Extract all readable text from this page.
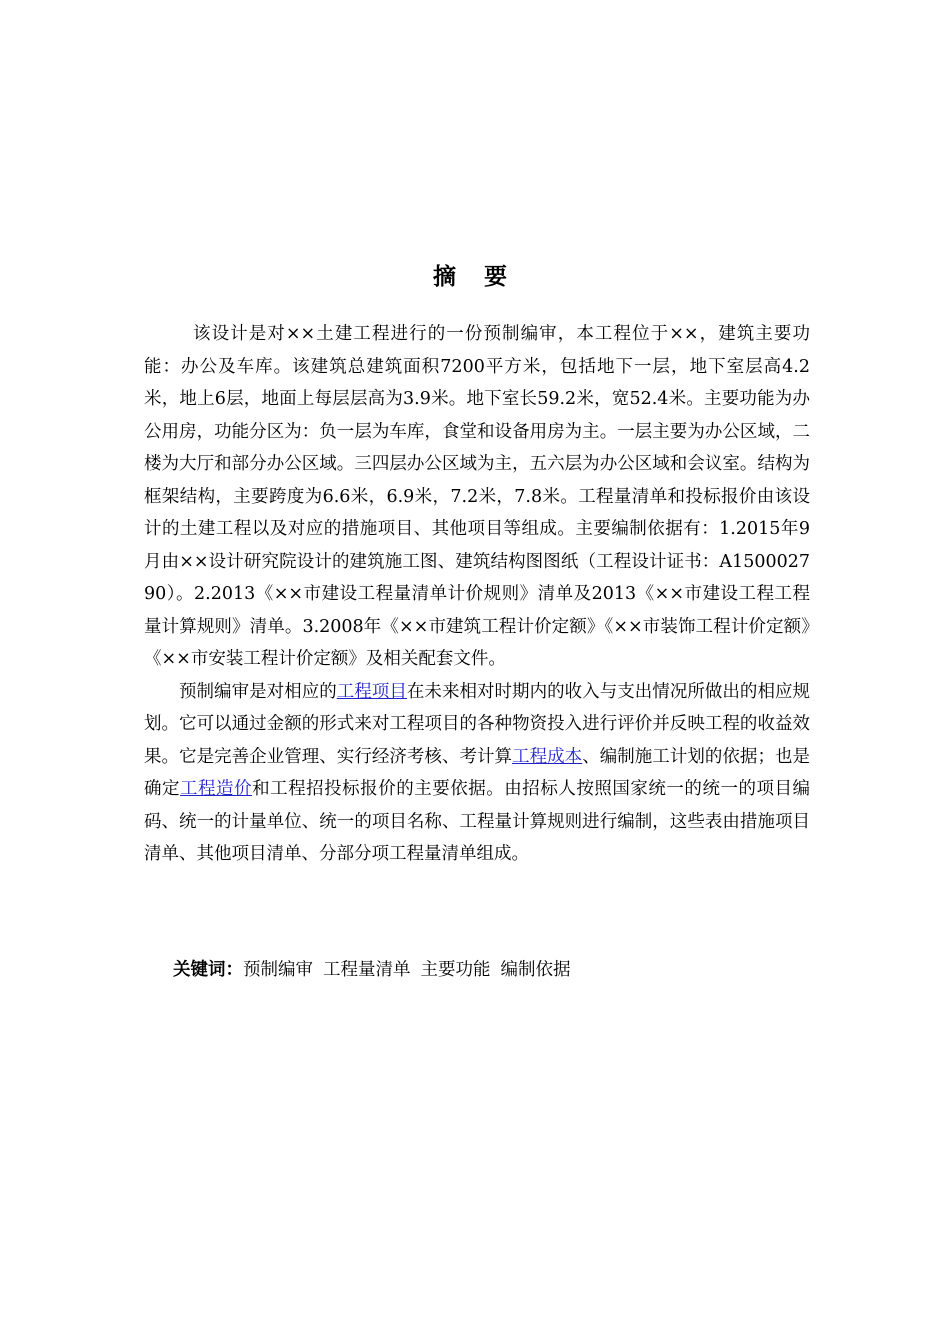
摘 要

该设计是对××土建工程进行的一份预制编审，本工程位于××，建筑主要功能：办公及车库。该建筑总建筑面积7200平方米，包括地下一层，地下室层高4.2米，地上6层，地面上每层层高为3.9米。地下室长59.2米，宽52.4米。主要功能为办公用房，功能分区为：负一层为车库，食堂和设备用房为主。一层主要为办公区域，二楼为大厅和部分办公区域。三四层办公区域为主，五六层为办公区域和会议室。结构为框架结构，主要跨度为6.6米，6.9米，7.2米，7.8米。工程量清单和投标报价由该设计的土建工程以及对应的措施项目、其他项目等组成。主要编制依据有：1.2015年9月由××设计研究院设计的建筑施工图、建筑结构图图纸（工程设计证书：A150002790）。2.2013《××市建设工程量清单计价规则》清单及2013《××市建设工程工程量计算规则》清单。3.2008年《××市建筑工程计价定额》《××市装饰工程计价定额》《××市安装工程计价定额》及相关配套文件。

预制编审是对相应的工程项目在未来相对时期内的收入与支出情况所做出的相应规划。它可以通过金额的形式来对工程项目的各种物资投入进行评价并反映工程的收益效果。它是完善企业管理、实行经济考核、考计算工程成本、编制施工计划的依据；也是确定工程造价和工程招投标报价的主要依据。由招标人按照国家统一的统一的项目编码、统一的计量单位、统一的项目名称、工程量计算规则进行编制，这些表由措施项目清单、其他项目清单、分部分项工程量清单组成。

关键词：预制编审 工程量清单 主要功能 编制依据
